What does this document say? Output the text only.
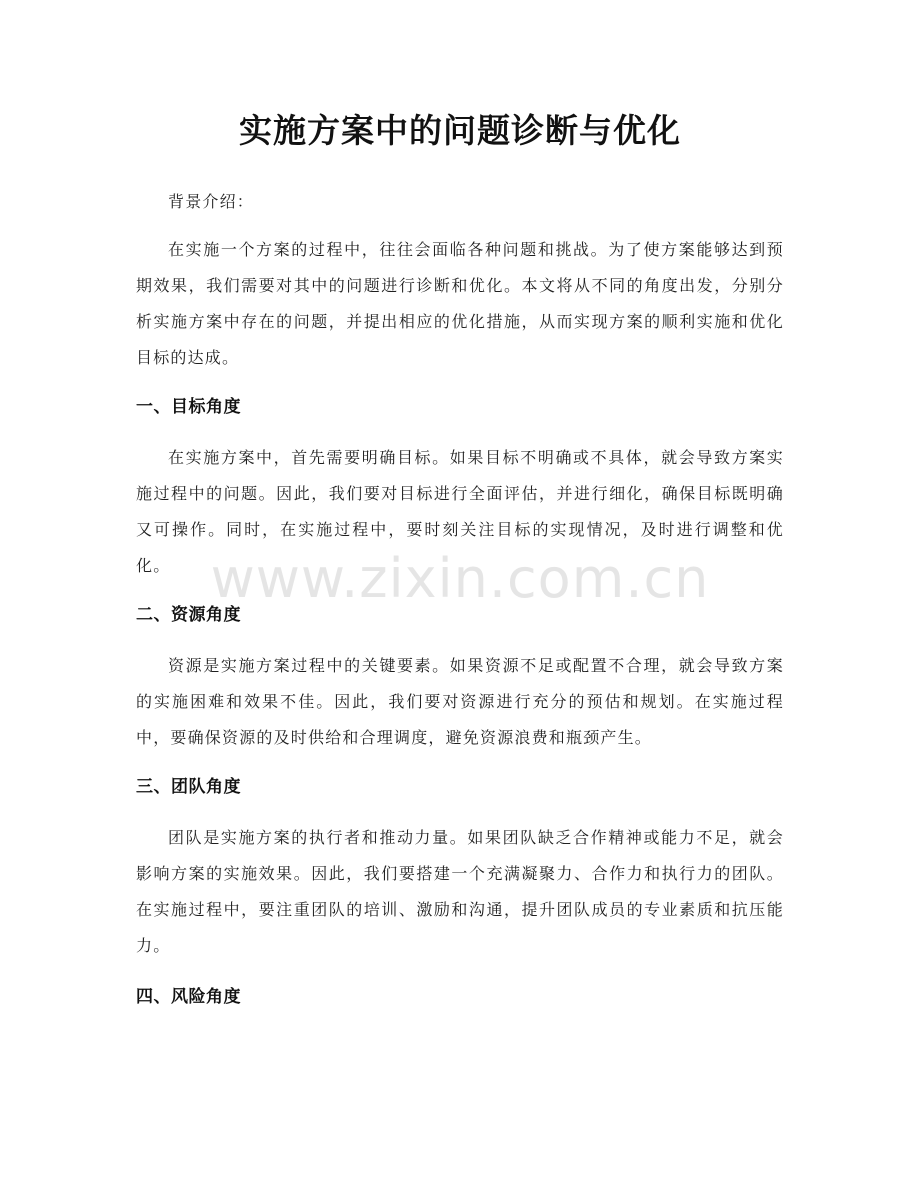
实施方案中的问题诊断与优化

背景介绍：

在实施一个方案的过程中，往往会面临各种问题和挑战。为了使方案能够达到预期效果，我们需要对其中的问题进行诊断和优化。本文将从不同的角度出发，分别分析实施方案中存在的问题，并提出相应的优化措施，从而实现方案的顺利实施和优化目标的达成。

一、目标角度

在实施方案中，首先需要明确目标。如果目标不明确或不具体，就会导致方案实施过程中的问题。因此，我们要对目标进行全面评估，并进行细化，确保目标既明确又可操作。同时，在实施过程中，要时刻关注目标的实现情况，及时进行调整和优化。 www.zixin.com.cn
二、资源角度

资源是实施方案过程中的关键要素。如果资源不足或配置不合理，就会导致方案的实施困难和效果不佳。因此，我们要对资源进行充分的预估和规划。在实施过程中，要确保资源的及时供给和合理调度，避免资源浪费和瓶颈产生。

三、团队角度

团队是实施方案的执行者和推动力量。如果团队缺乏合作精神或能力不足，就会影响方案的实施效果。因此，我们要搭建一个充满凝聚力、合作力和执行力的团队。在实施过程中，要注重团队的培训、激励和沟通，提升团队成员的专业素质和抗压能力。

四、风险角度
